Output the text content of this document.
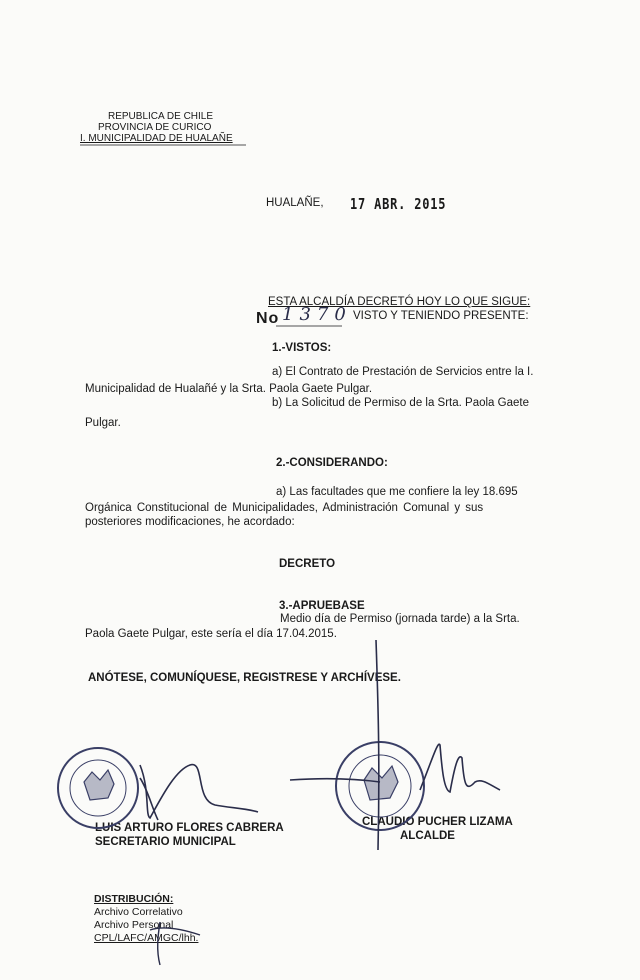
REPUBLICA DE CHILE
PROVINCIA DE CURICO
I. MUNICIPALIDAD DE HUALAÑE
HUALAÑE, 17 ABR. 2015
ESTA ALCALDÍA DECRETÓ HOY LO QUE SIGUE:
No 1370 VISTO Y TENIENDO PRESENTE:
1.-VISTOS:
a) El Contrato de Prestación de Servicios entre la I.
Municipalidad de Hualañé y la Srta. Paola Gaete Pulgar.
b) La Solicitud de Permiso de la Srta. Paola Gaete
Pulgar.
2.-CONSIDERANDO:
a) Las facultades que me confiere la ley 18.695
Orgánica Constitucional de Municipalidades, Administración Comunal y sus
posteriores modificaciones, he acordado:
DECRETO
3.-APRUEBASE
Medio día de Permiso (jornada tarde) a la Srta.
Paola Gaete Pulgar, este sería el día 17.04.2015.
ANÓTESE, COMUNÍQUESE, REGISTRESE Y ARCHÍVESE.
LUIS ARTURO FLORES CABRERA
SECRETARIO MUNICIPAL
CLAUDIO PUCHER LIZAMA
ALCALDE
DISTRIBUCIÓN:
Archivo Correlativo
Archivo Personal
CPL/LAFC/AMGC/lhh.
